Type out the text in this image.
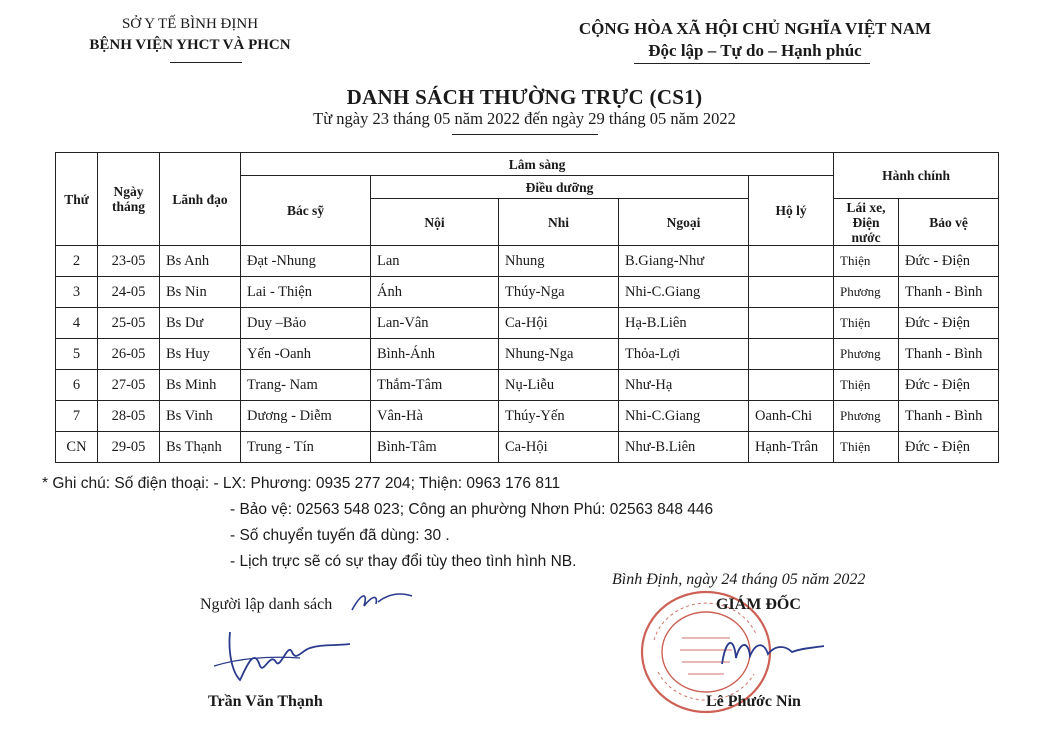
SỞ Y TẾ BÌNH ĐỊNH
BỆNH VIỆN YHCT VÀ PHCN
CỘNG HÒA XÃ HỘI CHỦ NGHĨA VIỆT NAM
Độc lập – Tự do – Hạnh phúc
DANH SÁCH THƯỜNG TRỰC (CS1)
Từ ngày 23 tháng 05 năm 2022 đến ngày 29 tháng 05 năm 2022
Thứ	Ngày tháng	Lãnh đạo	Lâm sàng					Hành chính	
			Bác sỹ	Điều dưỡng			Hộ lý		
				Nội	Nhi	Ngoại		Lái xe, Điện nước	Bảo vệ
2	23-05	Bs Anh	Đạt -Nhung	Lan	Nhung	B.Giang-Như		Thiện	Đức - Điện
3	24-05	Bs Nin	Lai - Thiện	Ánh	Thúy-Nga	Nhi-C.Giang		Phương	Thanh - Bình
4	25-05	Bs Dư	Duy –Bảo	Lan-Vân	Ca-Hội	Hạ-B.Liên		Thiện	Đức - Điện
5	26-05	Bs Huy	Yến -Oanh	Bình-Ánh	Nhung-Nga	Thỏa-Lợi		Phương	Thanh - Bình
6	27-05	Bs Minh	Trang- Nam	Thắm-Tâm	Nụ-Liễu	Như-Hạ		Thiện	Đức - Điện
7	28-05	Bs Vinh	Dương - Diễm	Vân-Hà	Thúy-Yến	Nhi-C.Giang	Oanh-Chi	Phương	Thanh - Bình
CN	29-05	Bs Thạnh	Trung - Tín	Bình-Tâm	Ca-Hội	Như-B.Liên	Hạnh-Trân	Thiện	Đức - Điện
* Ghi chú: Số điện thoại: - LX: Phương: 0935 277 204; Thiện: 0963 176 811
- Bảo vệ: 02563 548 023; Công an phường Nhơn Phú: 02563 848 446
- Số chuyển tuyến đã dùng: 30 .
- Lịch trực sẽ có sự thay đổi tùy theo tình hình NB.
Bình Định, ngày 24 tháng 05 năm 2022
Người lập danh sách
Trần Văn Thạnh
GIÁM ĐỐC
Lê Phước Nin
